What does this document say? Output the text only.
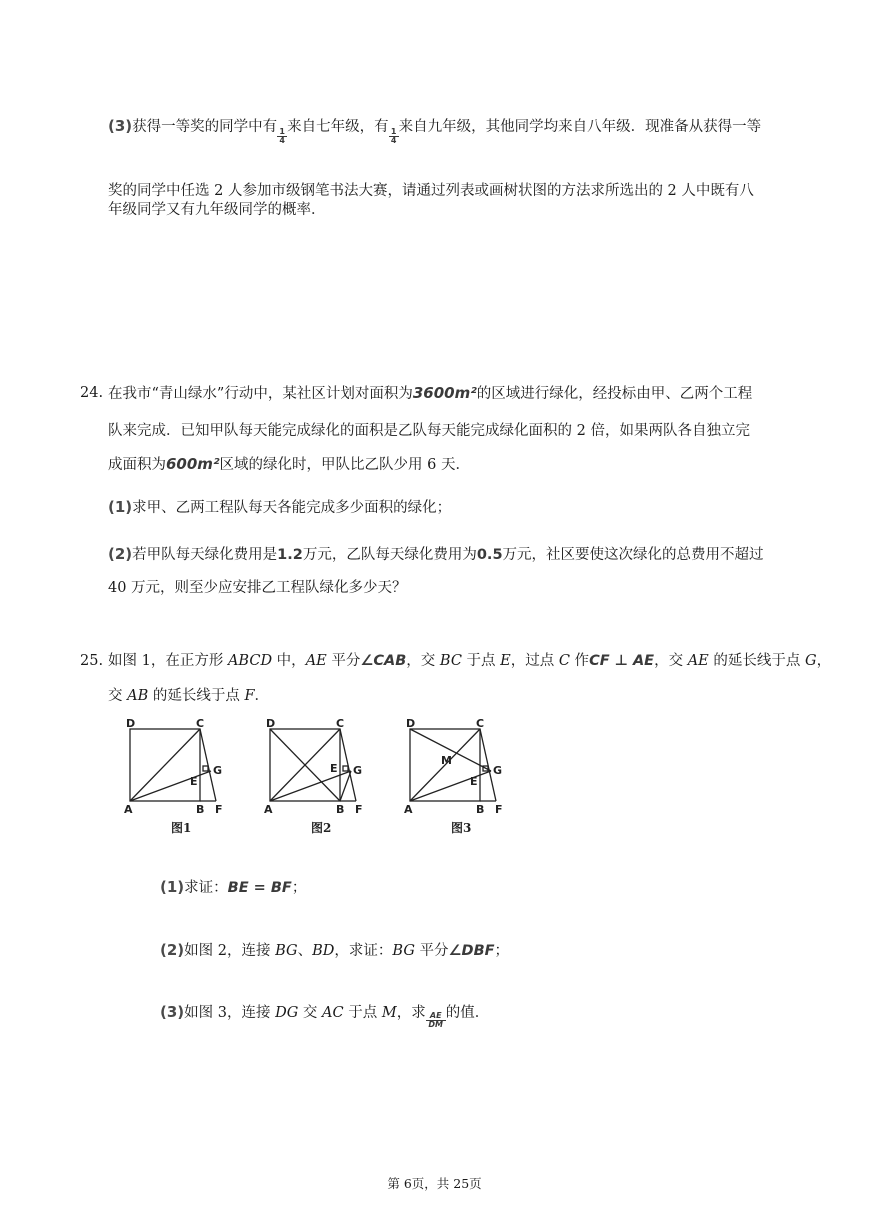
(3)获得一等奖的同学中有
$\frac{1}{4}$
来自七年级，有
$\frac{1}{4}$
来自九年级，其他同学均来自八年级．现准备从获得一等
奖的同学中任选 2 人参加市级钢笔书法大赛，请通过列表或画树状图的方法求所选出的 2 人中既有八
年级同学又有九年级同学的概率．
24. 在我市“青山绿水”行动中，某社区计划对面积为3600m²的区域进行绿化，经投标由甲、乙两个工程
队来完成．已知甲队每天能完成绿化的面积是乙队每天能完成绿化面积的 2 倍，如果两队各自独立完
成面积为600m²区域的绿化时，甲队比乙队少用 6 天．
(1)求甲、乙两工程队每天各能完成多少面积的绿化；
(2)若甲队每天绿化费用是1.2万元，乙队每天绿化费用为0.5万元，社区要使这次绿化的总费用不超过
40 万元，则至少应安排乙工程队绿化多少天？
25. 如图 1，在正方形 ABCD 中，AE 平分∠CAB，交 BC 于点 E，过点 C 作CF ⊥ AE，交 AE 的延长线于点 G，
交 AB 的延长线于点 F．
D	C
G
E
A	B F
D	C
G
E
A	B F
D	C
G
E
M
A	B F
图1	图2	图3
(1)求证：BE = BF；
(2)如图 2，连接 BG、BD，求证：BG 平分∠DBF；
(3)如图 3，连接 DG 交 AC 于点 M，求 $\frac{AE}{DM}$ 的值．
第 6页，共 25页
